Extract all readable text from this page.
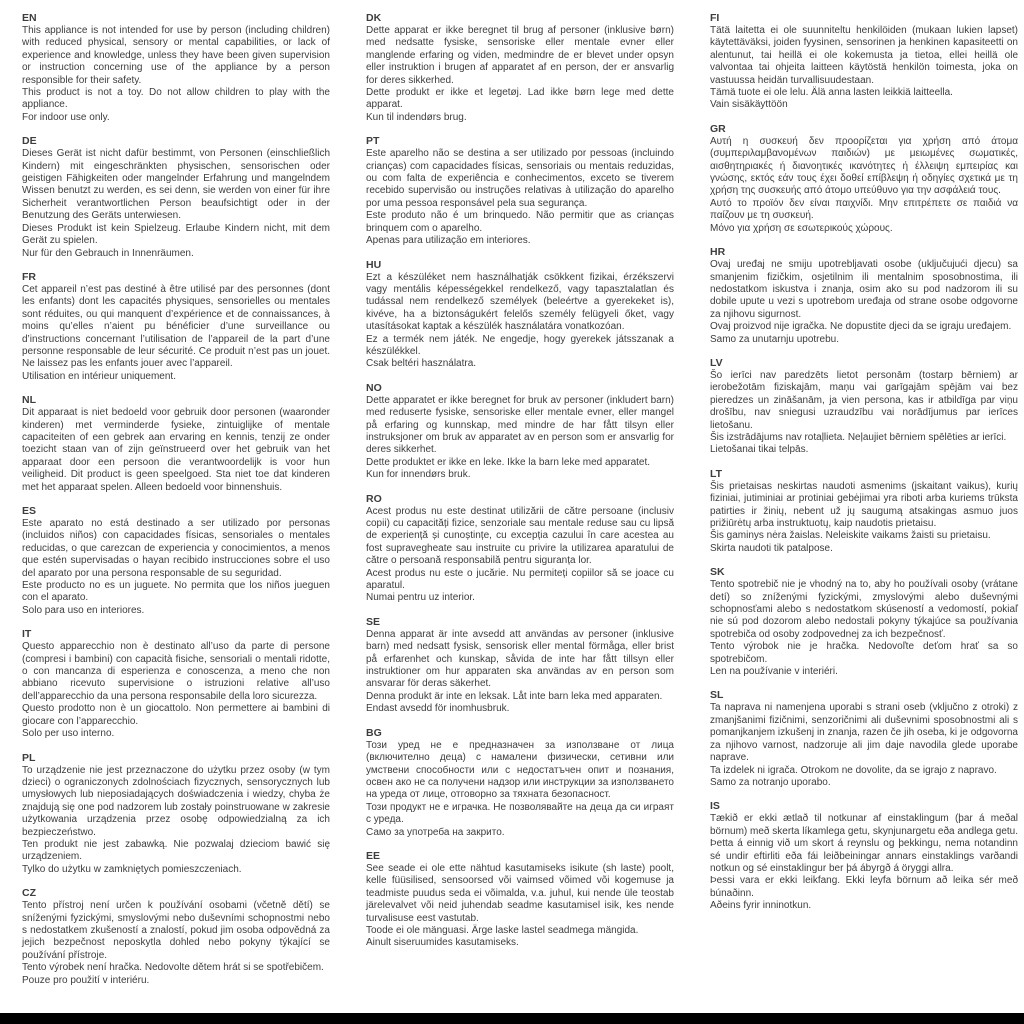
EN

This appliance is not intended for use by person (including children) with reduced physical, sensory or mental capabilities, or lack of experience and knowledge, unless they have been given supervision or instruction concerning use of the appliance by a person responsible for their safety.

This product is not a toy. Do not allow children to play with the appliance.

For indoor use only.

DE

Dieses Gerät ist nicht dafür bestimmt, von Personen (einschließlich Kindern) mit eingeschränkten physischen, sensorischen oder geistigen Fähigkeiten oder mangelnder Erfahrung und mangelndem Wissen benutzt zu werden, es sei denn, sie werden von einer für ihre Sicherheit verantwortlichen Person beaufsichtigt oder in der Benutzung des Geräts unterwiesen.

Dieses Produkt ist kein Spielzeug. Erlaube Kindern nicht, mit dem Gerät zu spielen.

Nur für den Gebrauch in Innenräumen.

FR

Cet appareil n’est pas destiné à être utilisé par des personnes (dont les enfants) dont les capacités physiques, sensorielles ou mentales sont réduites, ou qui manquent d’expérience et de connaissances, à moins qu’elles n’aient pu bénéficier d’une surveillance ou d’instructions concernant l’utilisation de l’appareil de la part d’une personne responsable de leur sécurité. Ce produit n’est pas un jouet. Ne laissez pas les enfants jouer avec l’appareil.

Utilisation en intérieur uniquement.

NL

Dit apparaat is niet bedoeld voor gebruik door personen (waaronder kinderen) met verminderde fysieke, zintuiglijke of mentale capaciteiten of een gebrek aan ervaring en kennis, tenzij ze onder toezicht staan van of zijn geïnstrueerd over het gebruik van het apparaat door een persoon die verantwoordelijk is voor hun veiligheid. Dit product is geen speelgoed. Sta niet toe dat kinderen met het apparaat spelen. Alleen bedoeld voor binnenshuis.

ES

Este aparato no está destinado a ser utilizado por personas (incluidos niños) con capacidades físicas, sensoriales o mentales reducidas, o que carezcan de experiencia y conocimientos, a menos que estén supervisadas o hayan recibido instrucciones sobre el uso del aparato por una persona responsable de su seguridad.

Este producto no es un juguete. No permita que los niños jueguen con el aparato.

Solo para uso en interiores.

IT

Questo apparecchio non è destinato all’uso da parte di persone (compresi i bambini) con capacità fisiche, sensoriali o mentali ridotte, o con mancanza di esperienza e conoscenza, a meno che non abbiano ricevuto supervisione o istruzioni relative all’uso dell’apparecchio da una persona responsabile della loro sicurezza.

Questo prodotto non è un giocattolo. Non permettere ai bambini di giocare con l’apparecchio.

Solo per uso interno.

PL

To urządzenie nie jest przeznaczone do użytku przez osoby (w tym dzieci) o ograniczonych zdolnościach fizycznych, sensorycznych lub umysłowych lub nieposiadających doświadczenia i wiedzy, chyba że znajdują się one pod nadzorem lub zostały poinstruowane w zakresie użytkowania urządzenia przez osobę odpowiedzialną za ich bezpieczeństwo.

Ten produkt nie jest zabawką. Nie pozwalaj dzieciom bawić się urządzeniem.

Tylko do użytku w zamkniętych pomieszczeniach.

CZ

Tento přístroj není určen k používání osobami (včetně dětí) se sníženými fyzickými, smyslovými nebo duševními schopnostmi nebo s nedostatkem zkušeností a znalostí, pokud jim osoba odpovědná za jejich bezpečnost neposkytla dohled nebo pokyny týkající se používání přístroje.

Tento výrobek není hračka. Nedovolte dětem hrát si se spotřebičem.

Pouze pro použití v interiéru.

DK

Dette apparat er ikke beregnet til brug af personer (inklusive børn) med nedsatte fysiske, sensoriske eller mentale evner eller manglende erfaring og viden, medmindre de er blevet under opsyn eller instruktion i brugen af apparatet af en person, der er ansvarlig for deres sikkerhed.

Dette produkt er ikke et legetøj. Lad ikke børn lege med dette apparat.

Kun til indendørs brug.

PT

Este aparelho não se destina a ser utilizado por pessoas (incluindo crianças) com capacidades físicas, sensoriais ou mentais reduzidas, ou com falta de experiência e conhecimentos, exceto se tiverem recebido supervisão ou instruções relativas à utilização do aparelho por uma pessoa responsável pela sua segurança.

Este produto não é um brinquedo. Não permitir que as crianças brinquem com o aparelho.

Apenas para utilização em interiores.

HU

Ezt a készüléket nem használhatják csökkent fizikai, érzékszervi vagy mentális képességekkel rendelkező, vagy tapasztalatlan és tudással nem rendelkező személyek (beleértve a gyerekeket is), kivéve, ha a biztonságukért felelős személy felügyeli őket, vagy utasításokat kaptak a készülék használatára vonatkozóan.

Ez a termék nem játék. Ne engedje, hogy gyerekek játsszanak a készülékkel.

Csak beltéri használatra.

NO

Dette apparatet er ikke beregnet for bruk av personer (inkludert barn) med reduserte fysiske, sensoriske eller mentale evner, eller mangel på erfaring og kunnskap, med mindre de har fått tilsyn eller instruksjoner om bruk av apparatet av en person som er ansvarlig for deres sikkerhet.

Dette produktet er ikke en leke. Ikke la barn leke med apparatet.

Kun for innendørs bruk.

RO

Acest produs nu este destinat utilizării de către persoane (inclusiv copii) cu capacități fizice, senzoriale sau mentale reduse sau cu lipsă de experiență și cunoștințe, cu excepția cazului în care acestea au fost supravegheate sau instruite cu privire la utilizarea aparatului de către o persoană responsabilă pentru siguranța lor.

Acest produs nu este o jucărie. Nu permiteți copiilor să se joace cu aparatul.

Numai pentru uz interior.

SE

Denna apparat är inte avsedd att användas av personer (inklusive barn) med nedsatt fysisk, sensorisk eller mental förmåga, eller brist på erfarenhet och kunskap, såvida de inte har fått tillsyn eller instruktioner om hur apparaten ska användas av en person som ansvarar för deras säkerhet.

Denna produkt är inte en leksak. Låt inte barn leka med apparaten.

Endast avsedd för inomhusbruk.

BG

Този уред не е предназначен за използване от лица (включително деца) с намалени физически, сетивни или умствени способности или с недостатъчен опит и познания, освен ако не са получени надзор или инструкции за използването на уреда от лице, отговорно за тяхната безопасност.

Този продукт не е играчка. Не позволявайте на деца да си играят с уреда.

Само за употреба на закрито.

EE

See seade ei ole ette nähtud kasutamiseks isikute (sh laste) poolt, kelle füüsilised, sensoorsed või vaimsed võimed või kogemuse ja teadmiste puudus seda ei võimalda, v.a. juhul, kui nende üle teostab järelevalvet või neid juhendab seadme kasutamisel isik, kes nende turvalisuse eest vastutab.

Toode ei ole mänguasi. Ärge laske lastel seadmega mängida.

Ainult siseruumides kasutamiseks.

FI

Tätä laitetta ei ole suunniteltu henkilöiden (mukaan lukien lapset) käytettäväksi, joiden fyysinen, sensorinen ja henkinen kapasiteetti on alentunut, tai heillä ei ole kokemusta ja tietoa, ellei heillä ole valvontaa tai ohjeita laitteen käytöstä henkilön toimesta, joka on vastuussa heidän turvallisuudestaan.

Tämä tuote ei ole lelu. Älä anna lasten leikkiä laitteella.

Vain sisäkäyttöön

GR

Αυτή η συσκευή δεν προορίζεται για χρήση από άτομα (συμπεριλαμβανομένων παιδιών) με μειωμένες σωματικές, αισθητηριακές ή διανοητικές ικανότητες ή έλλειψη εμπειρίας και γνώσης, εκτός εάν τους έχει δοθεί επίβλεψη ή οδηγίες σχετικά με τη χρήση της συσκευής από άτομο υπεύθυνο για την ασφάλειά τους.

Αυτό το προϊόν δεν είναι παιχνίδι. Μην επιτρέπετε σε παιδιά να παίζουν με τη συσκευή.

Μόνο για χρήση σε εσωτερικούς χώρους.

HR

Ovaj uređaj ne smiju upotrebljavati osobe (uključujući djecu) sa smanjenim fizičkim, osjetilnim ili mentalnim sposobnostima, ili nedostatkom iskustva i znanja, osim ako su pod nadzorom ili su dobile upute u vezi s upotrebom uređaja od strane osobe odgovorne za njihovu sigurnost.

Ovaj proizvod nije igračka. Ne dopustite djeci da se igraju uređajem.

Samo za unutarnju upotrebu.

LV

Šo ierīci nav paredzēts lietot personām (tostarp bērniem) ar ierobežotām fiziskajām, maņu vai garīgajām spējām vai bez pieredzes un zināšanām, ja vien persona, kas ir atbildīga par viņu drošību, nav sniegusi uzraudzību vai norādījumus par ierīces lietošanu.

Šis izstrādājums nav rotaļlieta. Neļaujiet bērniem spēlēties ar ierīci.

Lietošanai tikai telpās.

LT

Šis prietaisas neskirtas naudoti asmenims (įskaitant vaikus), kurių fiziniai, jutiminiai ar protiniai gebėjimai yra riboti arba kuriems trūksta patirties ir žinių, nebent už jų saugumą atsakingas asmuo juos prižiūrėtų arba instruktuotų, kaip naudotis prietaisu.

Šis gaminys nėra žaislas. Neleiskite vaikams žaisti su prietaisu.

Skirta naudoti tik patalpose.

SK

Tento spotrebič nie je vhodný na to, aby ho používali osoby (vrátane detí) so zníženými fyzickými, zmyslovými alebo duševnými schopnosťami alebo s nedostatkom skúseností a vedomostí, pokiaľ nie sú pod dozorom alebo nedostali pokyny týkajúce sa používania spotrebiča od osoby zodpovednej za ich bezpečnosť.

Tento výrobok nie je hračka. Nedovoľte deťom hrať sa so spotrebičom.

Len na používanie v interiéri.

SL

Ta naprava ni namenjena uporabi s strani oseb (vključno z otroki) z zmanjšanimi fizičnimi, senzoričnimi ali duševnimi sposobnostmi ali s pomanjkanjem izkušenj in znanja, razen če jih oseba, ki je odgovorna za njihovo varnost, nadzoruje ali jim daje navodila glede uporabe naprave.

Ta izdelek ni igrača. Otrokom ne dovolite, da se igrajo z napravo.

Samo za notranjo uporabo.

IS

Tækið er ekki ætlað til notkunar af einstaklingum (þar á meðal börnum) með skerta líkamlega getu, skynjunargetu eða andlega getu. Þetta á einnig við um skort á reynslu og þekkingu, nema notandinn sé undir eftirliti eða fái leiðbeiningar annars einstaklings varðandi notkun og sé einstaklingur ber þá ábyrgð á öryggi allra.

Þessi vara er ekki leikfang. Ekki leyfa börnum að leika sér með búnaðinn.

Aðeins fyrir inninotkun.
